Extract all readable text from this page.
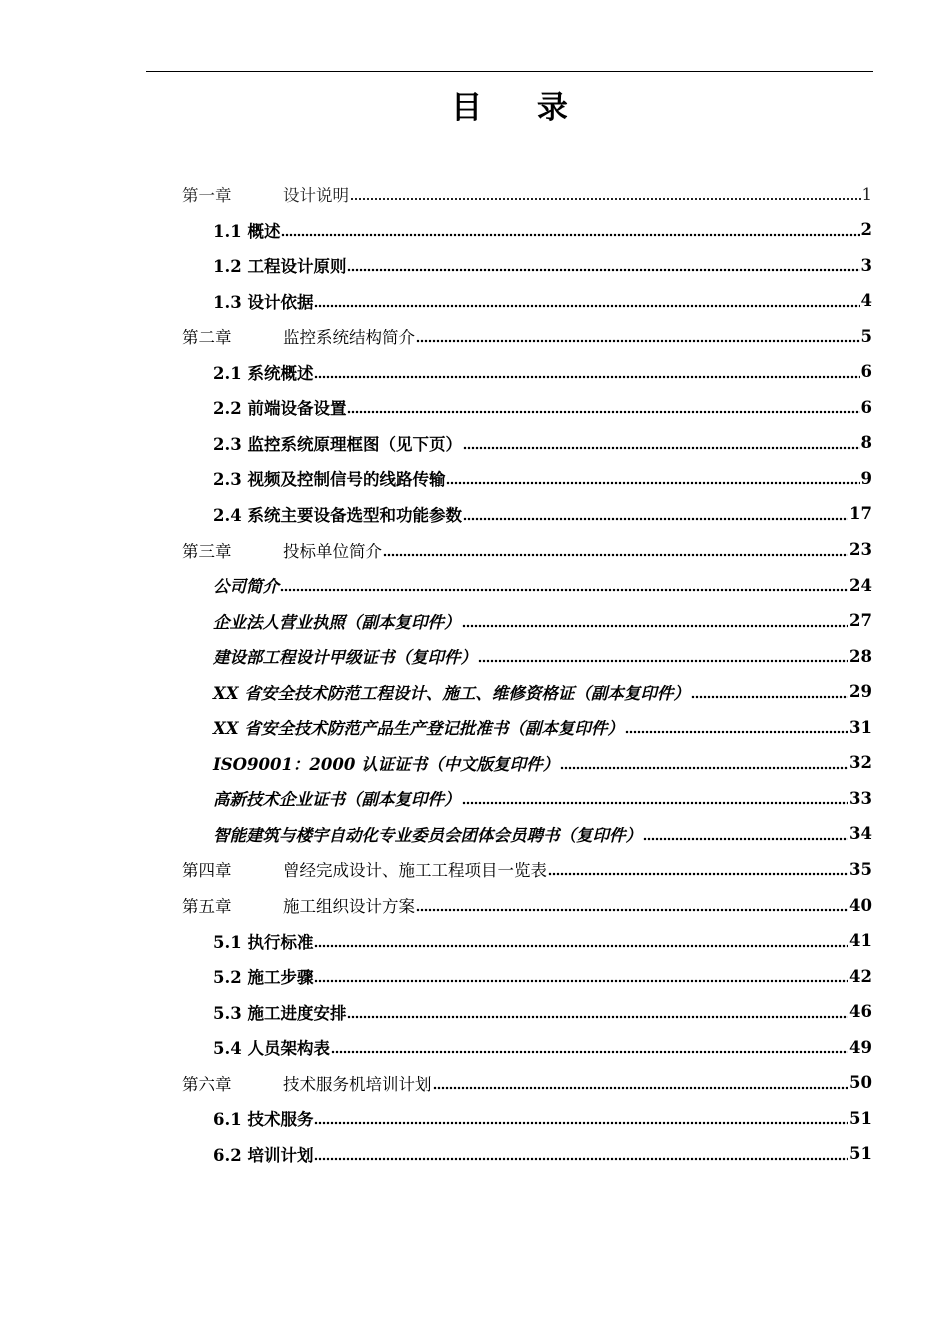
目 录
第一章	设计说明	1
1.1 概述	2
1.2 工程设计原则	3
1.3 设计依据	4
第二章	监控系统结构简介	5
2.1 系统概述	6
2.2 前端设备设置	6
2.3 监控系统原理框图（见下页）	8
2.3 视频及控制信号的线路传输	9
2.4 系统主要设备选型和功能参数	17
第三章	投标单位简介	23
公司简介	24
企业法人营业执照（副本复印件）	27
建设部工程设计甲级证书（复印件）	28
XX 省安全技术防范工程设计、施工、维修资格证（副本复印件）	29
XX 省安全技术防范产品生产登记批准书（副本复印件）	31
ISO9001：2000 认证证书（中文版复印件）	32
高新技术企业证书（副本复印件）	33
智能建筑与楼宇自动化专业委员会团体会员聘书（复印件）	34
第四章	曾经完成设计、施工工程项目一览表	35
第五章	施工组织设计方案	40
5.1 执行标准	41
5.2 施工步骤	42
5.3 施工进度安排	46
5.4 人员架构表	49
第六章	技术服务机培训计划	50
6.1 技术服务	51
6.2 培训计划	51
